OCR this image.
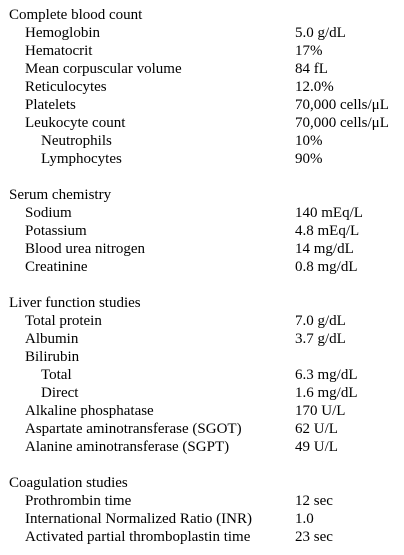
Complete blood count
Hemoglobin	5.0 g/dL
Hematocrit	17%
Mean corpuscular volume	84 fL
Reticulocytes	12.0%
Platelets	70,000 cells/μL
Leukocyte count	70,000 cells/μL
Neutrophils	10%
Lymphocytes	90%
Serum chemistry
Sodium	140 mEq/L
Potassium	4.8 mEq/L
Blood urea nitrogen	14 mg/dL
Creatinine	0.8 mg/dL
Liver function studies
Total protein	7.0 g/dL
Albumin	3.7 g/dL
Bilirubin
Total	6.3 mg/dL
Direct	1.6 mg/dL
Alkaline phosphatase	170 U/L
Aspartate aminotransferase (SGOT)	62 U/L
Alanine aminotransferase (SGPT)	49 U/L
Coagulation studies
Prothrombin time	12 sec
International Normalized Ratio (INR)	1.0
Activated partial thromboplastin time	23 sec
